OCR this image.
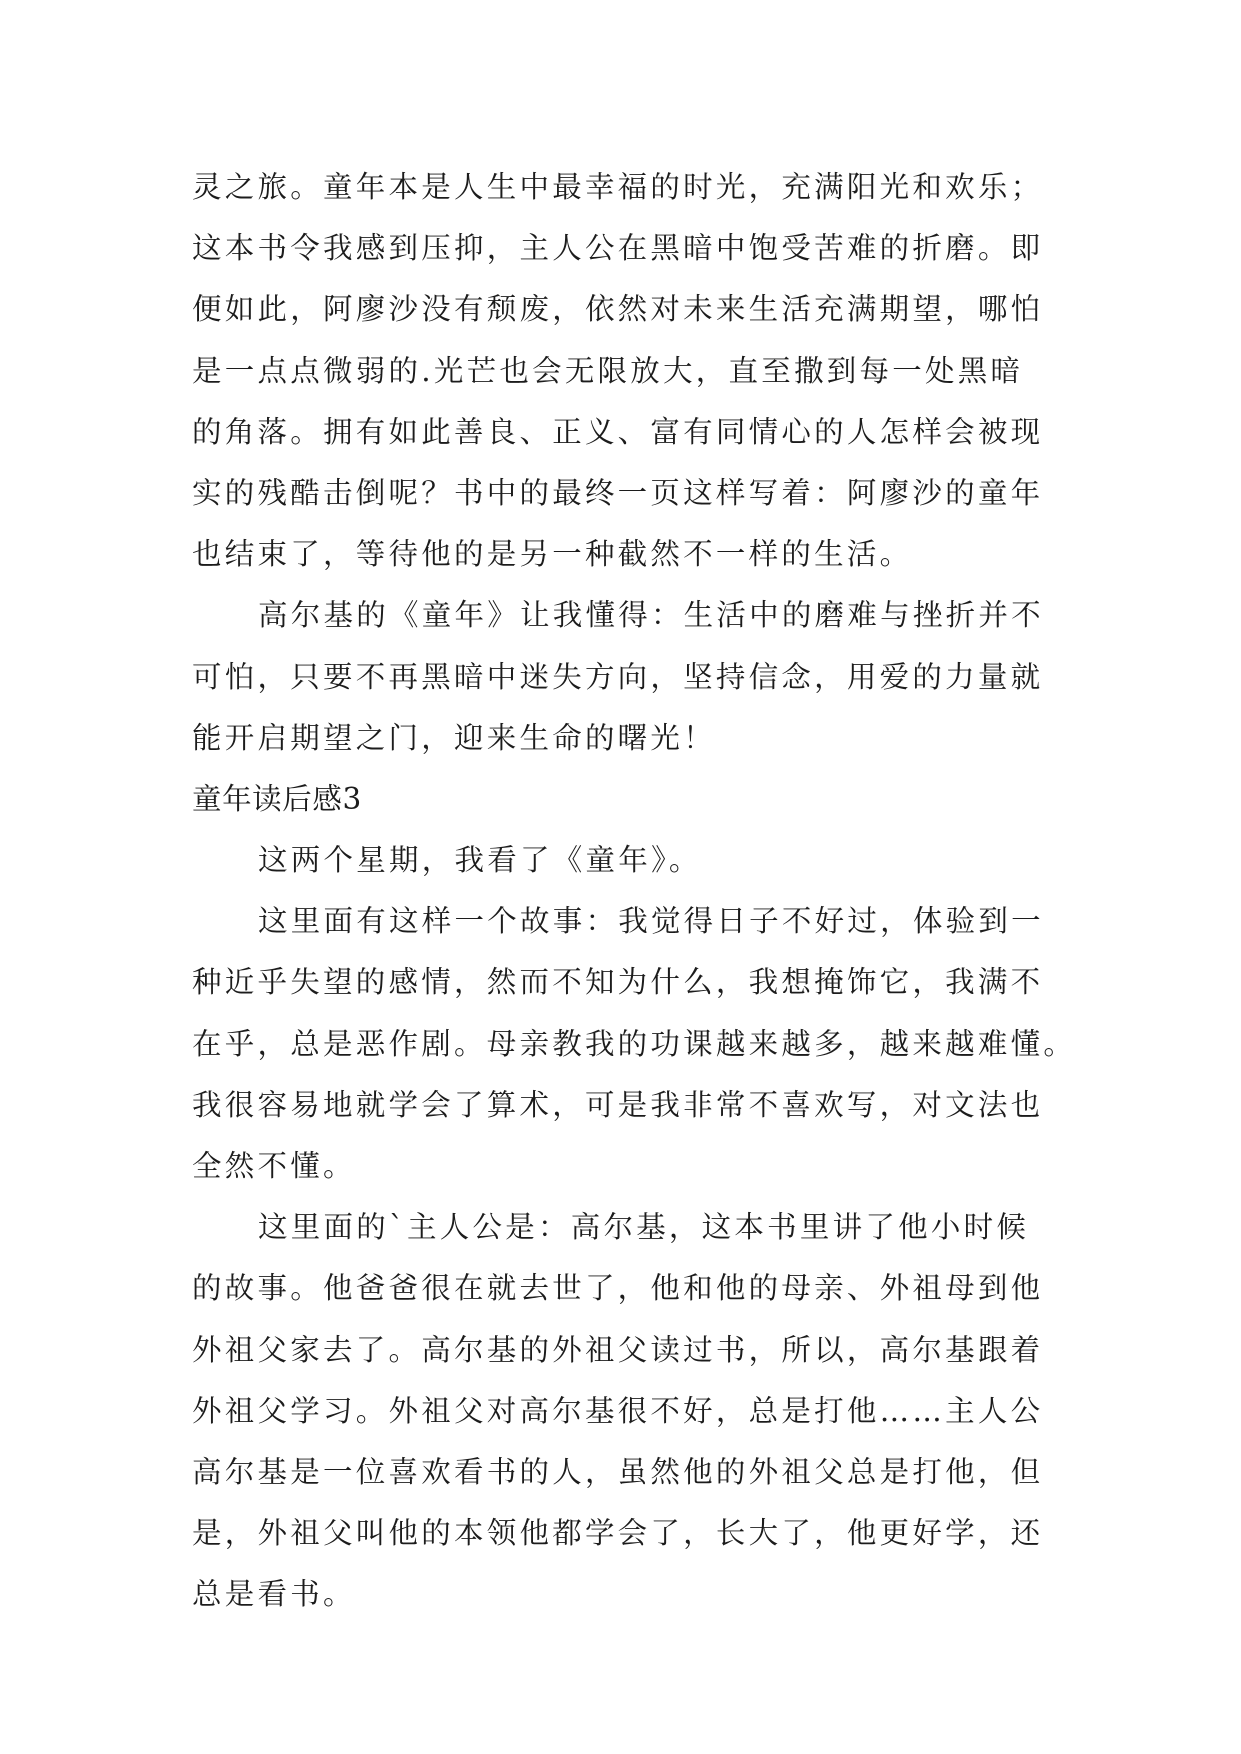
灵之旅。童年本是人生中最幸福的时光，充满阳光和欢乐；
这本书令我感到压抑，主人公在黑暗中饱受苦难的折磨。即
便如此，阿廖沙没有颓废，依然对未来生活充满期望，哪怕
是一点点微弱的.光芒也会无限放大，直至撒到每一处黑暗
的角落。拥有如此善良、正义、富有同情心的人怎样会被现
实的残酷击倒呢？书中的最终一页这样写着：阿廖沙的童年
也结束了，等待他的是另一种截然不一样的生活。
高尔基的《童年》让我懂得：生活中的磨难与挫折并不
可怕，只要不再黑暗中迷失方向，坚持信念，用爱的力量就
能开启期望之门，迎来生命的曙光！
童年读后感3
这两个星期，我看了《童年》。
这里面有这样一个故事：我觉得日子不好过，体验到一
种近乎失望的感情，然而不知为什么，我想掩饰它，我满不
在乎，总是恶作剧。母亲教我的功课越来越多，越来越难懂。
我很容易地就学会了算术，可是我非常不喜欢写，对文法也
全然不懂。
这里面的`主人公是：高尔基，这本书里讲了他小时候
的故事。他爸爸很在就去世了，他和他的母亲、外祖母到他
外祖父家去了。高尔基的外祖父读过书，所以，高尔基跟着
外祖父学习。外祖父对高尔基很不好，总是打他……主人公
高尔基是一位喜欢看书的人，虽然他的外祖父总是打他，但
是，外祖父叫他的本领他都学会了，长大了，他更好学，还
总是看书。
